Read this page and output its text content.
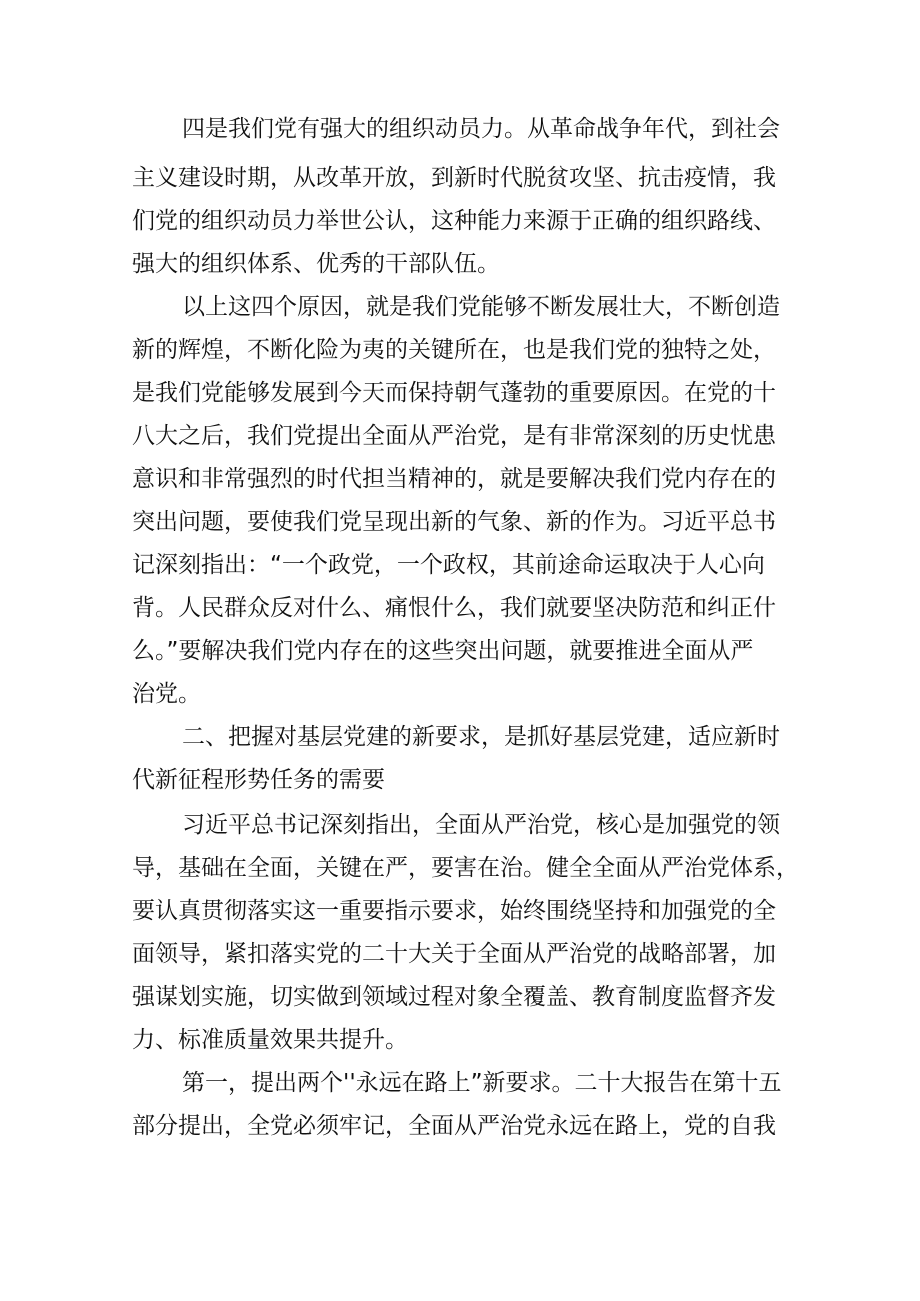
四是我们党有强大的组织动员力。从革命战争年代，到社会
主义建设时期，从改革开放，到新时代脱贫攻坚、抗击疫情，我
们党的组织动员力举世公认，这种能力来源于正确的组织路线、
强大的组织体系、优秀的干部队伍。
以上这四个原因，就是我们党能够不断发展壮大，不断创造
新的辉煌，不断化险为夷的关键所在，也是我们党的独特之处，
是我们党能够发展到今天而保持朝气蓬勃的重要原因。在党的十
八大之后，我们党提出全面从严治党，是有非常深刻的历史忧患
意识和非常强烈的时代担当精神的，就是要解决我们党内存在的
突出问题，要使我们党呈现出新的气象、新的作为。习近平总书
记深刻指出：“一个政党，一个政权，其前途命运取决于人心向
背。人民群众反对什么、痛恨什么，我们就要坚决防范和纠正什
么。”要解决我们党内存在的这些突出问题，就要推进全面从严
治党。
二、把握对基层党建的新要求，是抓好基层党建，适应新时
代新征程形势任务的需要
习近平总书记深刻指出，全面从严治党，核心是加强党的领
导，基础在全面，关键在严，要害在治。健全全面从严治党体系，
要认真贯彻落实这一重要指示要求，始终围绕坚持和加强党的全
面领导，紧扣落实党的二十大关于全面从严治党的战略部署，加
强谋划实施，切实做到领域过程对象全覆盖、教育制度监督齐发
力、标准质量效果共提升。
第一，提出两个''永远在路上”新要求。二十大报告在第十五
部分提出，全党必须牢记，全面从严治党永远在路上，党的自我
